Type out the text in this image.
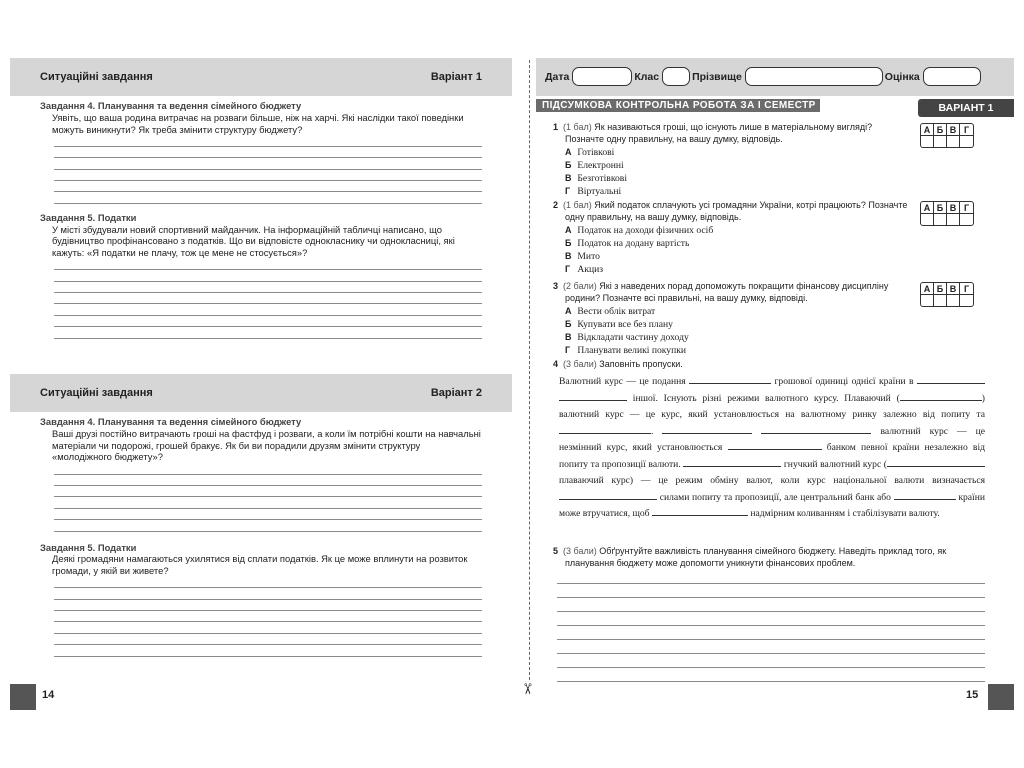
Ситуаційні завдання	Варіант 1
Завдання 4. Планування та ведення сімейного бюджету
Уявіть, що ваша родина витрачає на розваги більше, ніж на харчі. Які наслідки такої поведінки можуть виникнути? Як треба змінити структуру бюджету?
Завдання 5. Податки
У місті збудували новий спортивний майданчик. На інформаційній табличці написано, що будівництво профінансовано з податків. Що ви відповісте однокласнику чи однокласниці, які кажуть: «Я податки не плачу, тож це мене не стосується»?
Ситуаційні завдання	Варіант 2
Завдання 4. Планування та ведення сімейного бюджету
Ваші друзі постійно витрачають гроші на фастфуд і розваги, а коли їм потрібні кошти на навчальні матеріали чи подорожі, грошей бракує. Як би ви порадили друзям змінити структуру «молодіжного бюджету»?
Завдання 5. Податки
Деякі громадяни намагаються ухилятися від сплати податків. Як це може вплинути на розвиток громади, у якій ви живете?
14	✂
Дата	Клас	Прізвище	Оцінка
ПІДСУМКОВА КОНТРОЛЬНА РОБОТА ЗА І СЕМЕСТР	ВАРІАНТ 1
1 (1 бал) Як називаються гроші, що існують лише в матеріальному вигляді? Позначте одну правильну, на вашу думку, відповідь.
А Готівкові
Б Електронні
В Безготівкові
Г Віртуальні
А Б В Г
2 (1 бал) Який податок сплачують усі громадяни України, котрі працюють? Позначте одну правильну, на вашу думку, відповідь.
А Податок на доходи фізичних осіб
Б Податок на додану вартість
В Мито
Г Акциз
А Б В Г
3 (2 бали) Які з наведених порад допоможуть покращити фінансову дисципліну родини? Позначте всі правильні, на вашу думку, відповіді.
А Вести облік витрат
Б Купувати все без плану
В Відкладати частину доходу
Г Планувати великі покупки
А Б В Г
4 (3 бали) Заповніть пропуски.
Валютний курс — це подання	грошової одиниці однієї країни в   іншої. Існують різні режими валютного курсу. Плаваючий (	) валютний курс — це курс, який установлюється на валютному ринку залежно від попиту та .	валютний курс — це незмінний курс, який установлюється	банком певної країни незалежно від попиту та пропозиції валюти.	гнучкий валютний курс ( плаваючий курс) — це режим обміну валют, коли курс національної валюти визначається  силами попиту та пропозиції, але центральний банк або	країни може втручатися, щоб	надмірним коливанням і стабілізувати валюту.
5 (3 бали) Обґрунтуйте важливість планування сімейного бюджету. Наведіть приклад того, як планування бюджету може допомогти уникнути фінансових проблем.
15
